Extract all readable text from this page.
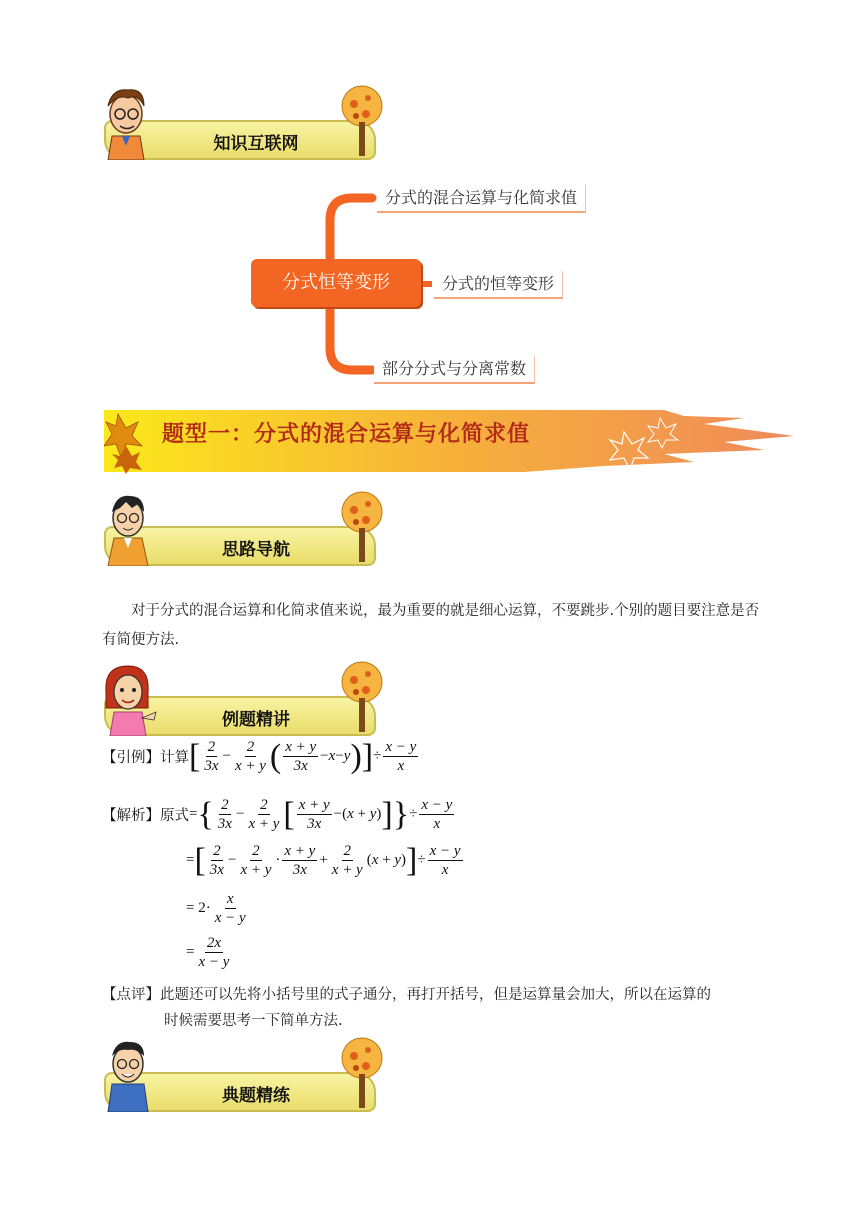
知识互联网
分式恒等变形
分式的混合运算与化简求值
分式的恒等变形
部分分式与分离常数
题型一：分式的混合运算与化简求值
思路导航
对于分式的混合运算和化简求值来说，最为重要的就是细心运算，不要跳步.个别的题目要注意是否有简便方法.
例题精讲
【引例】 计算 [ $\frac{2}{3x} - \frac{2}{x + y}$ ( $\frac{x + y}{3x} -x-y$ ) ] ÷ $\frac{x - y}{x}$
【解析】 原式 = { $\frac{2}{3x} - \frac{2}{x + y}$ [ $\frac{x + y}{3x} -(x + y)$ ] } ÷ $\frac{x - y}{x}$
= [ $\frac{2}{3x} - \frac{2}{x + y} \cdot \frac{x + y}{3x} + \frac{2}{x + y} (x + y)$ ] ÷ $\frac{x - y}{x}$
= $2\cdot \frac{x}{x - y}$
= $\frac{2x}{x - y}$
【点评】此题还可以先将小括号里的式子通分，再打开括号，但是运算量会加大，所以在运算的
时候需要思考一下简单方法.
典题精练
